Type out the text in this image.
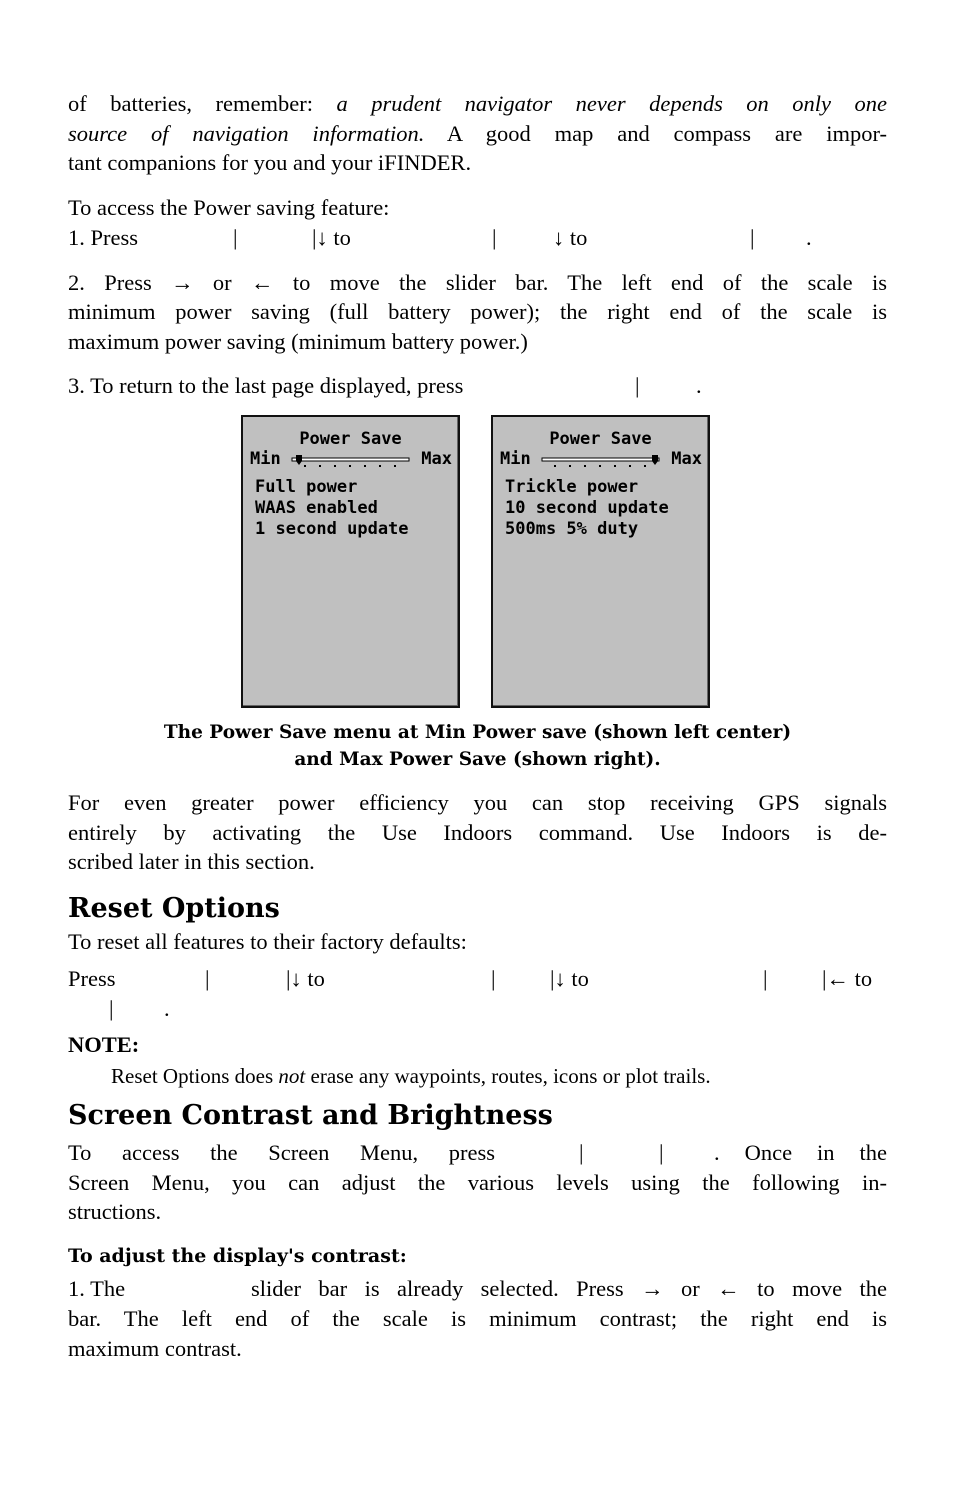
of batteries, remember: a prudent navigator never depends on only one
source of navigation information. A good map and compass are impor-
tant companions for you and your iFINDER.
To access the Power saving feature:
1. Press	|	|↓ to	|	↓ to	| .
2. Press → or ← to move the slider bar. The left end of the scale is
minimum power saving (full battery power); the right end of the scale is
maximum power saving (minimum battery power.)
3. To return to the last page displayed, press	|	.
Power Save
Min	Max
Full power
WAAS enabled
1 second update
Power Save
Min	Max
Trickle power
10 second update
500ms 5% duty
The Power Save menu at Min Power save (shown left center)
and Max Power Save (shown right).
For even greater power efficiency you can stop receiving GPS signals
entirely by activating the Use Indoors command. Use Indoors is de-
scribed later in this section.
Reset Options
To reset all features to their factory defaults:
Press	|	|↓ to	| |↓ to	| |← to
| .
NOTE:
Reset Options does not erase any waypoints, routes, icons or plot trails.
Screen Contrast and Brightness
To access the Screen Menu, press	|	| . Once in the
Screen Menu, you can adjust the various levels using the following in-
structions.
To adjust the display's contrast:
1. The	slider bar is already selected. Press → or ← to move the
bar. The left end of the scale is minimum contrast; the right end is
maximum contrast.
